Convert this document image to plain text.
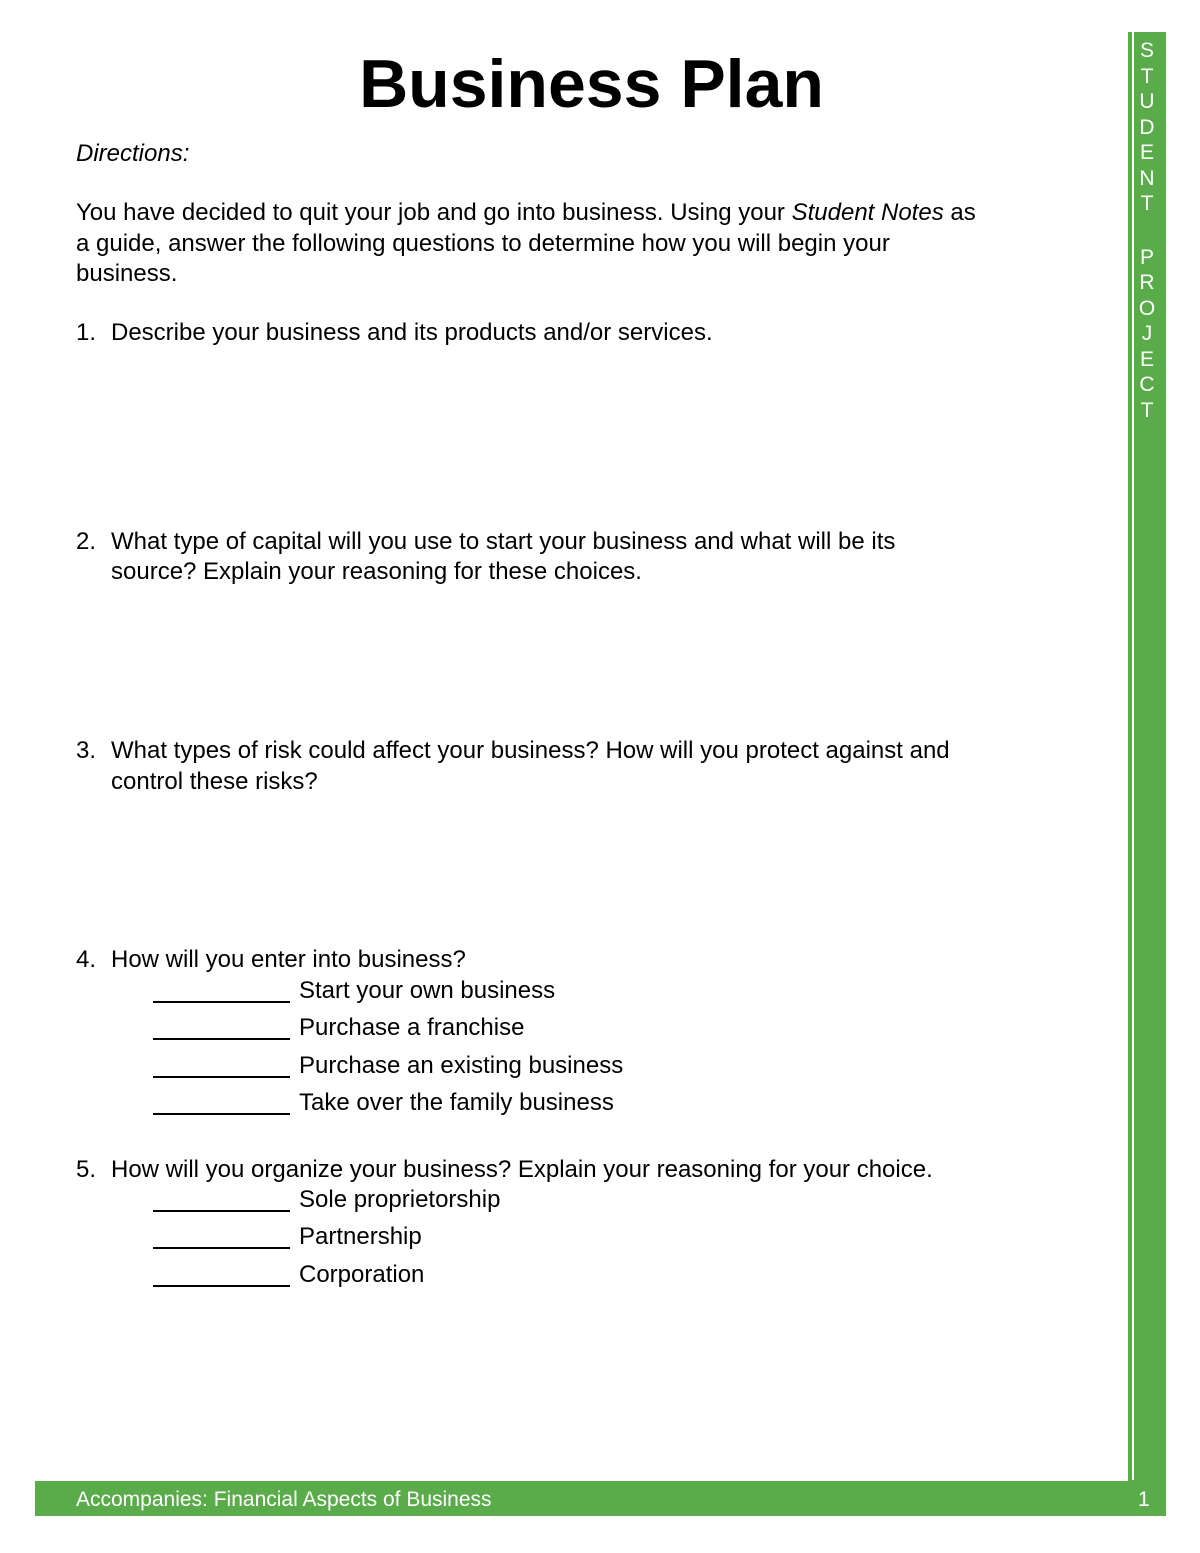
S
T
U
D
E
N
T
P
R
O
J
E
C
T
Business Plan
Directions:
You have decided to quit your job and go into business. Using your Student Notes as
a guide, answer the following questions to determine how you will begin your
business.
1. Describe your business and its products and/or services.
2. What type of capital will you use to start your business and what will be its
source? Explain your reasoning for these choices.
3. What types of risk could affect your business? How will you protect against and
control these risks?
4. How will you enter into business?
Start your own business
Purchase a franchise
Purchase an existing business
Take over the family business
5. How will you organize your business? Explain your reasoning for your choice.
Sole proprietorship
Partnership
Corporation
Accompanies: Financial Aspects of Business	1
